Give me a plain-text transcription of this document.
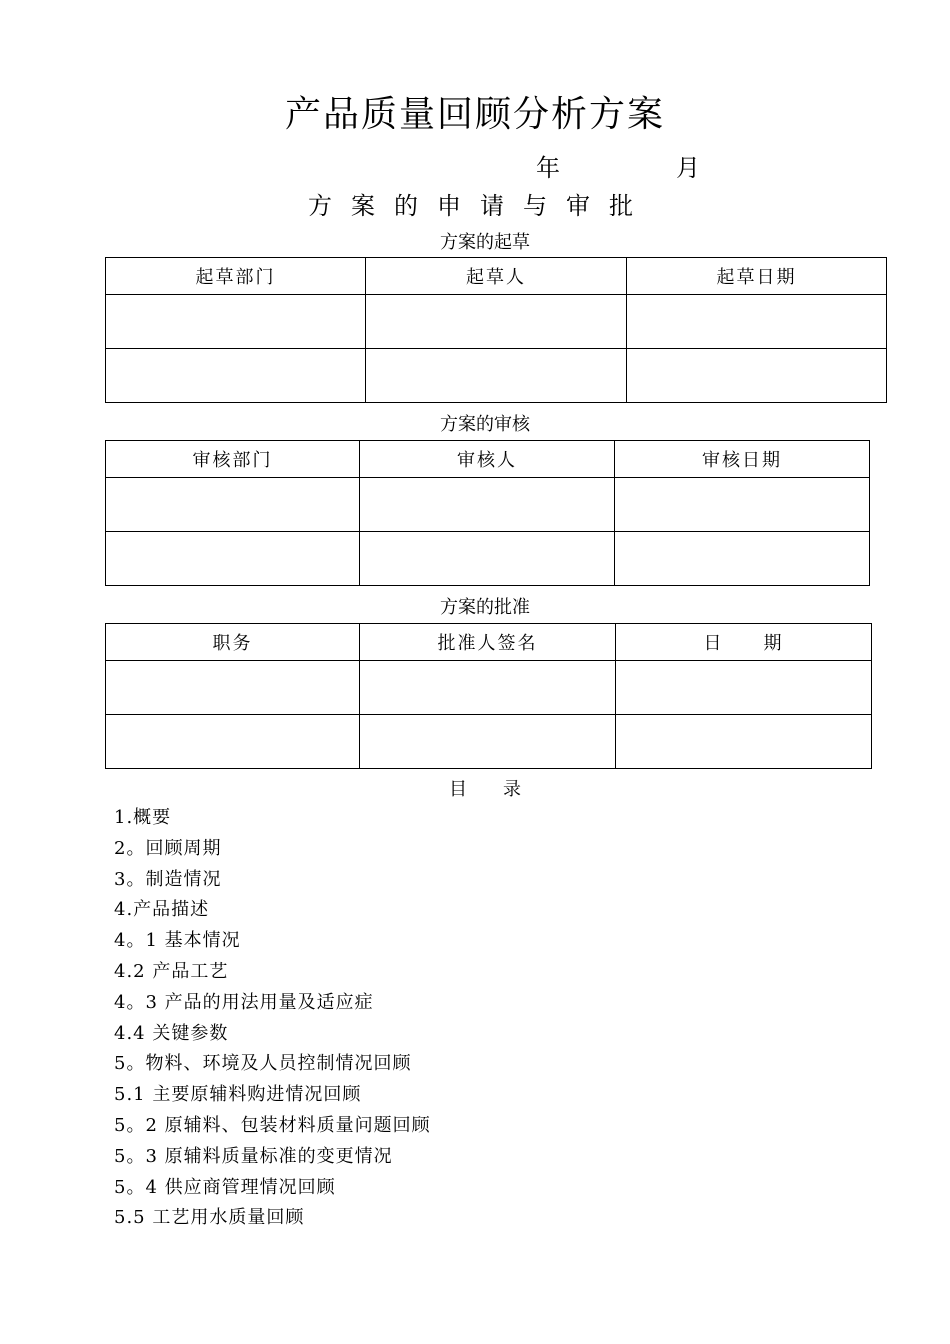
产品质量回顾分析方案
年	月
方案的申请与审批
方案的起草
起草部门	起草人	起草日期

方案的审核
审核部门	审核人	审核日期

方案的批准
职务	批准人签名	日　　期

目　　录
1.概要
2。回顾周期
3。制造情况
4.产品描述
4。1 基本情况
4.2 产品工艺
4。3 产品的用法用量及适应症
4.4 关键参数
5。物料、环境及人员控制情况回顾
5.1 主要原辅料购进情况回顾
5。2 原辅料、包装材料质量问题回顾
5。3 原辅料质量标准的变更情况
5。4 供应商管理情况回顾
5.5 工艺用水质量回顾
